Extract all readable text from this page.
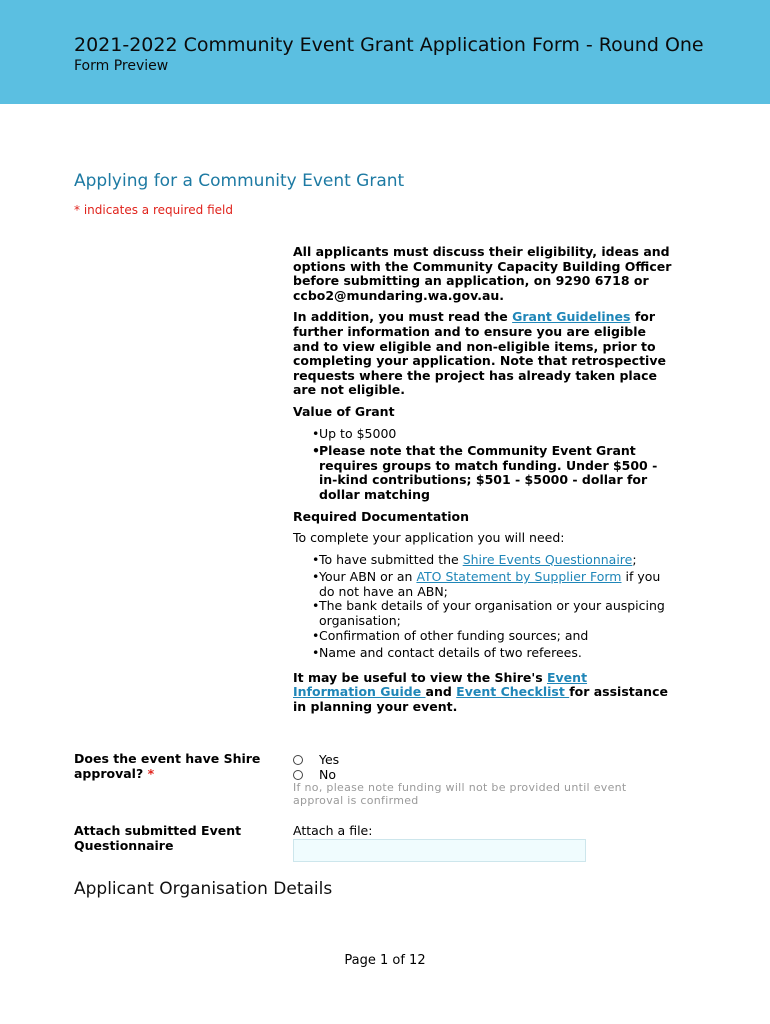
2021-2022 Community Event Grant Application Form - Round One
Form Preview
Applying for a Community Event Grant
* indicates a required field

All applicants must discuss their eligibility, ideas and options with the Community Capacity Building Officer before submitting an application, on 9290 6718 or ccbo2@mundaring.wa.gov.au.

In addition, you must read the Grant Guidelines for further information and to ensure you are eligible and to view eligible and non-eligible items, prior to completing your application. Note that retrospective requests where the project has already taken place are not eligible.

Value of Grant

• Up to $5000
• Please note that the Community Event Grant requires groups to match funding. Under $500 - in-kind contributions; $501 - $5000 - dollar for dollar matching

Required Documentation

To complete your application you will need:

• To have submitted the Shire Events Questionnaire;
• Your ABN or an ATO Statement by Supplier Form if you do not have an ABN;
• The bank details of your organisation or your auspicing organisation;
• Confirmation of other funding sources; and
• Name and contact details of two referees.

It may be useful to view the Shire's Event Information Guide and Event Checklist for assistance in planning your event.

Does the event have Shire approval? *
Yes
No
If no, please note funding will not be provided until event approval is confirmed
Attach submitted Event Questionnaire
Attach a file:
Applicant Organisation Details
Page 1 of 12
